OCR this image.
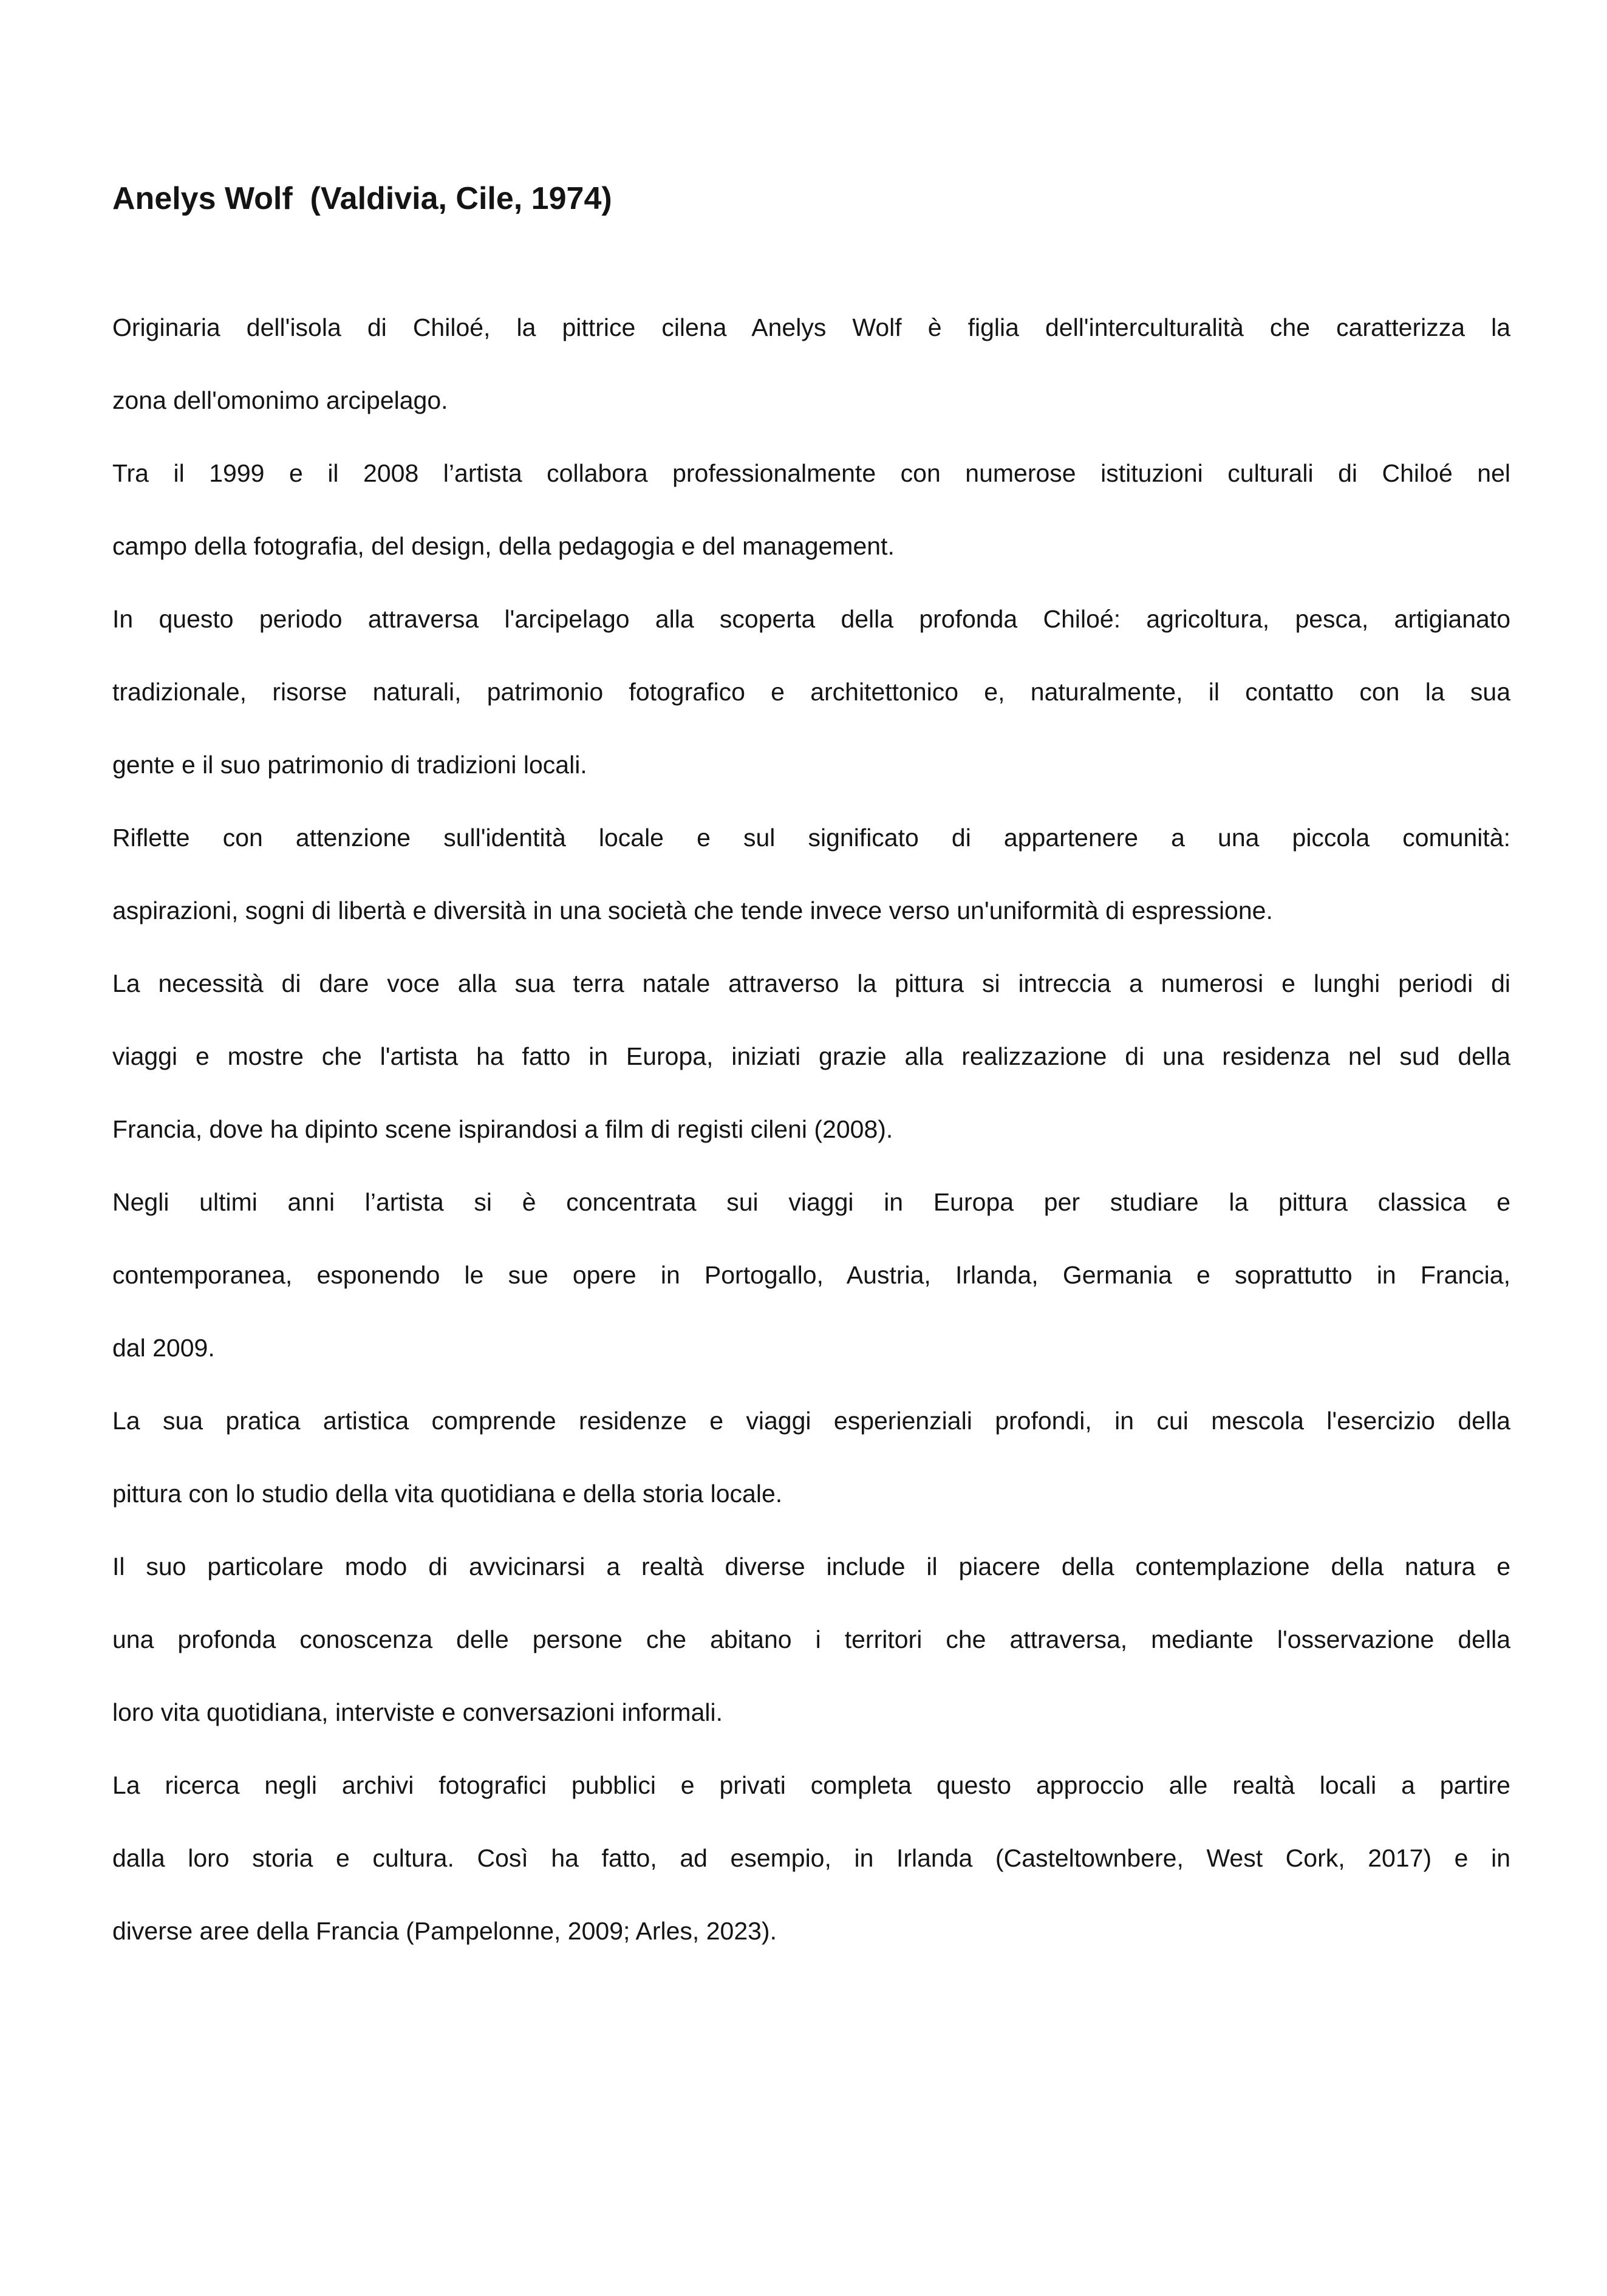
Anelys Wolf  (Valdivia, Cile, 1974)
Originaria dell'isola di Chiloé, la pittrice cilena Anelys Wolf è figlia dell'interculturalità che caratterizza la
zona dell'omonimo arcipelago.
Tra il 1999 e il 2008 l’artista collabora professionalmente con numerose istituzioni culturali di Chiloé nel
campo della fotografia, del design, della pedagogia e del management.
In questo periodo attraversa l'arcipelago alla scoperta della profonda Chiloé: agricoltura, pesca, artigianato
tradizionale, risorse naturali, patrimonio fotografico e architettonico e, naturalmente, il contatto con la sua
gente e il suo patrimonio di tradizioni locali.
Riflette con attenzione sull'identità locale e sul significato di appartenere a una piccola comunità:
aspirazioni, sogni di libertà e diversità in una società che tende invece verso un'uniformità di espressione.
La necessità di dare voce alla sua terra natale attraverso la pittura si intreccia a numerosi e lunghi periodi di
viaggi e mostre che l'artista ha fatto in Europa, iniziati grazie alla realizzazione di una residenza nel sud della
Francia, dove ha dipinto scene ispirandosi a film di registi cileni (2008).
Negli ultimi anni l’artista si è concentrata sui viaggi in Europa per studiare la pittura classica e
contemporanea, esponendo le sue opere in Portogallo, Austria, Irlanda, Germania e soprattutto in Francia,
dal 2009.
La sua pratica artistica comprende residenze e viaggi esperienziali profondi, in cui mescola l'esercizio della
pittura con lo studio della vita quotidiana e della storia locale.
Il suo particolare modo di avvicinarsi a realtà diverse include il piacere della contemplazione della natura e
una profonda conoscenza delle persone che abitano i territori che attraversa, mediante l'osservazione della
loro vita quotidiana, interviste e conversazioni informali.
La ricerca negli archivi fotografici pubblici e privati completa questo approccio alle realtà locali a partire
dalla loro storia e cultura. Così ha fatto, ad esempio, in Irlanda (Casteltownbere, West Cork, 2017) e in
diverse aree della Francia (Pampelonne, 2009; Arles, 2023).
